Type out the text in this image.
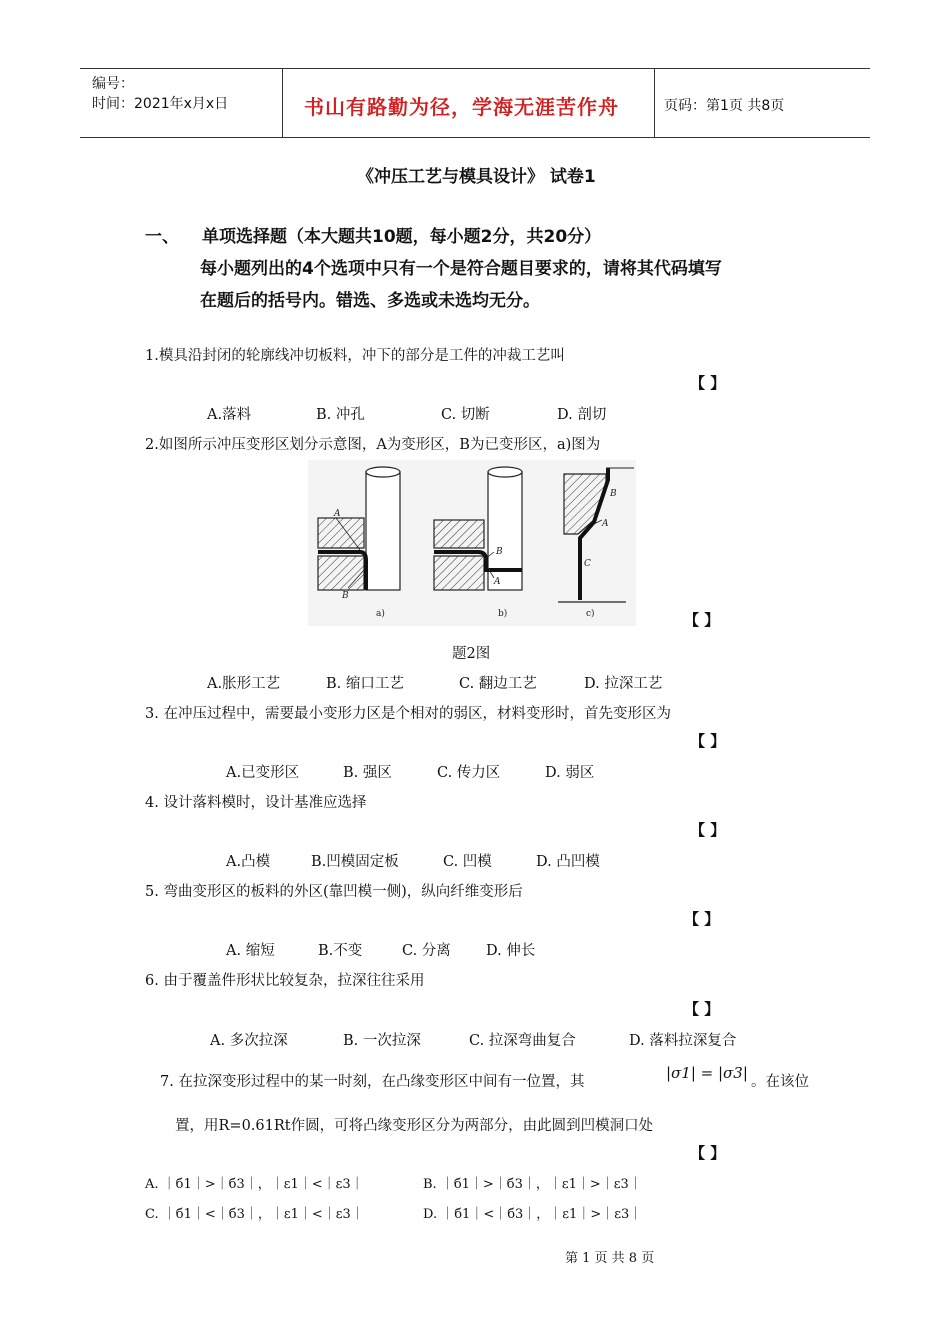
编号：
时间：2021年x月x日	书山有路勤为径，学海无涯苦作舟	页码：第1页 共8页
《冲压工艺与模具设计》 试卷1
一、 单项选择题（本大题共10题，每小题2分，共20分）
每小题列出的4个选项中只有一个是符合题目要求的，请将其代码填写
在题后的括号内。错选、多选或未选均无分。
1.模具沿封闭的轮廓线冲切板料，冲下的部分是工件的冲裁工艺叫
【 】
A.落料	B. 冲孔	C. 切断	D. 剖切
2.如图所示冲压变形区划分示意图，A为变形区，B为已变形区，a)图为
A
B
A
B
A
B
C
a)	b)	c)	【 】
题2图
A.胀形工艺	B. 缩口工艺	C. 翻边工艺	D. 拉深工艺
3. 在冲压过程中，需要最小变形力区是个相对的弱区，材料变形时，首先变形区为
【 】
A.已变形区	B. 强区	C. 传力区	D. 弱区
4. 设计落料模时，设计基准应选择
【 】
A.凸模	B.凹模固定板	C. 凹模	D. 凸凹模
5. 弯曲变形区的板料的外区(靠凹模一侧)，纵向纤维变形后
【 】
A. 缩短	B.不变	C. 分离 D. 伸长
6. 由于覆盖件形状比较复杂，拉深往往采用
【 】
A. 多次拉深	B. 一次拉深	C. 拉深弯曲复合	D. 落料拉深复合
7. 在拉深变形过程中的某一时刻，在凸缘变形区中间有一位置，其	|σ1| = |σ3| 。在该位
置，用R=0.61Rt作圆，可将凸缘变形区分为两部分，由此圆到凹模洞口处
【 】
A. ｜б1｜>｜б3｜，｜ε1｜<｜ε3｜	B. ｜б1｜>｜б3｜，｜ε1｜>｜ε3｜
C. ｜б1｜<｜б3｜，｜ε1｜<｜ε3｜	D. ｜б1｜<｜б3｜，｜ε1｜>｜ε3｜
第 1 页 共 8 页
